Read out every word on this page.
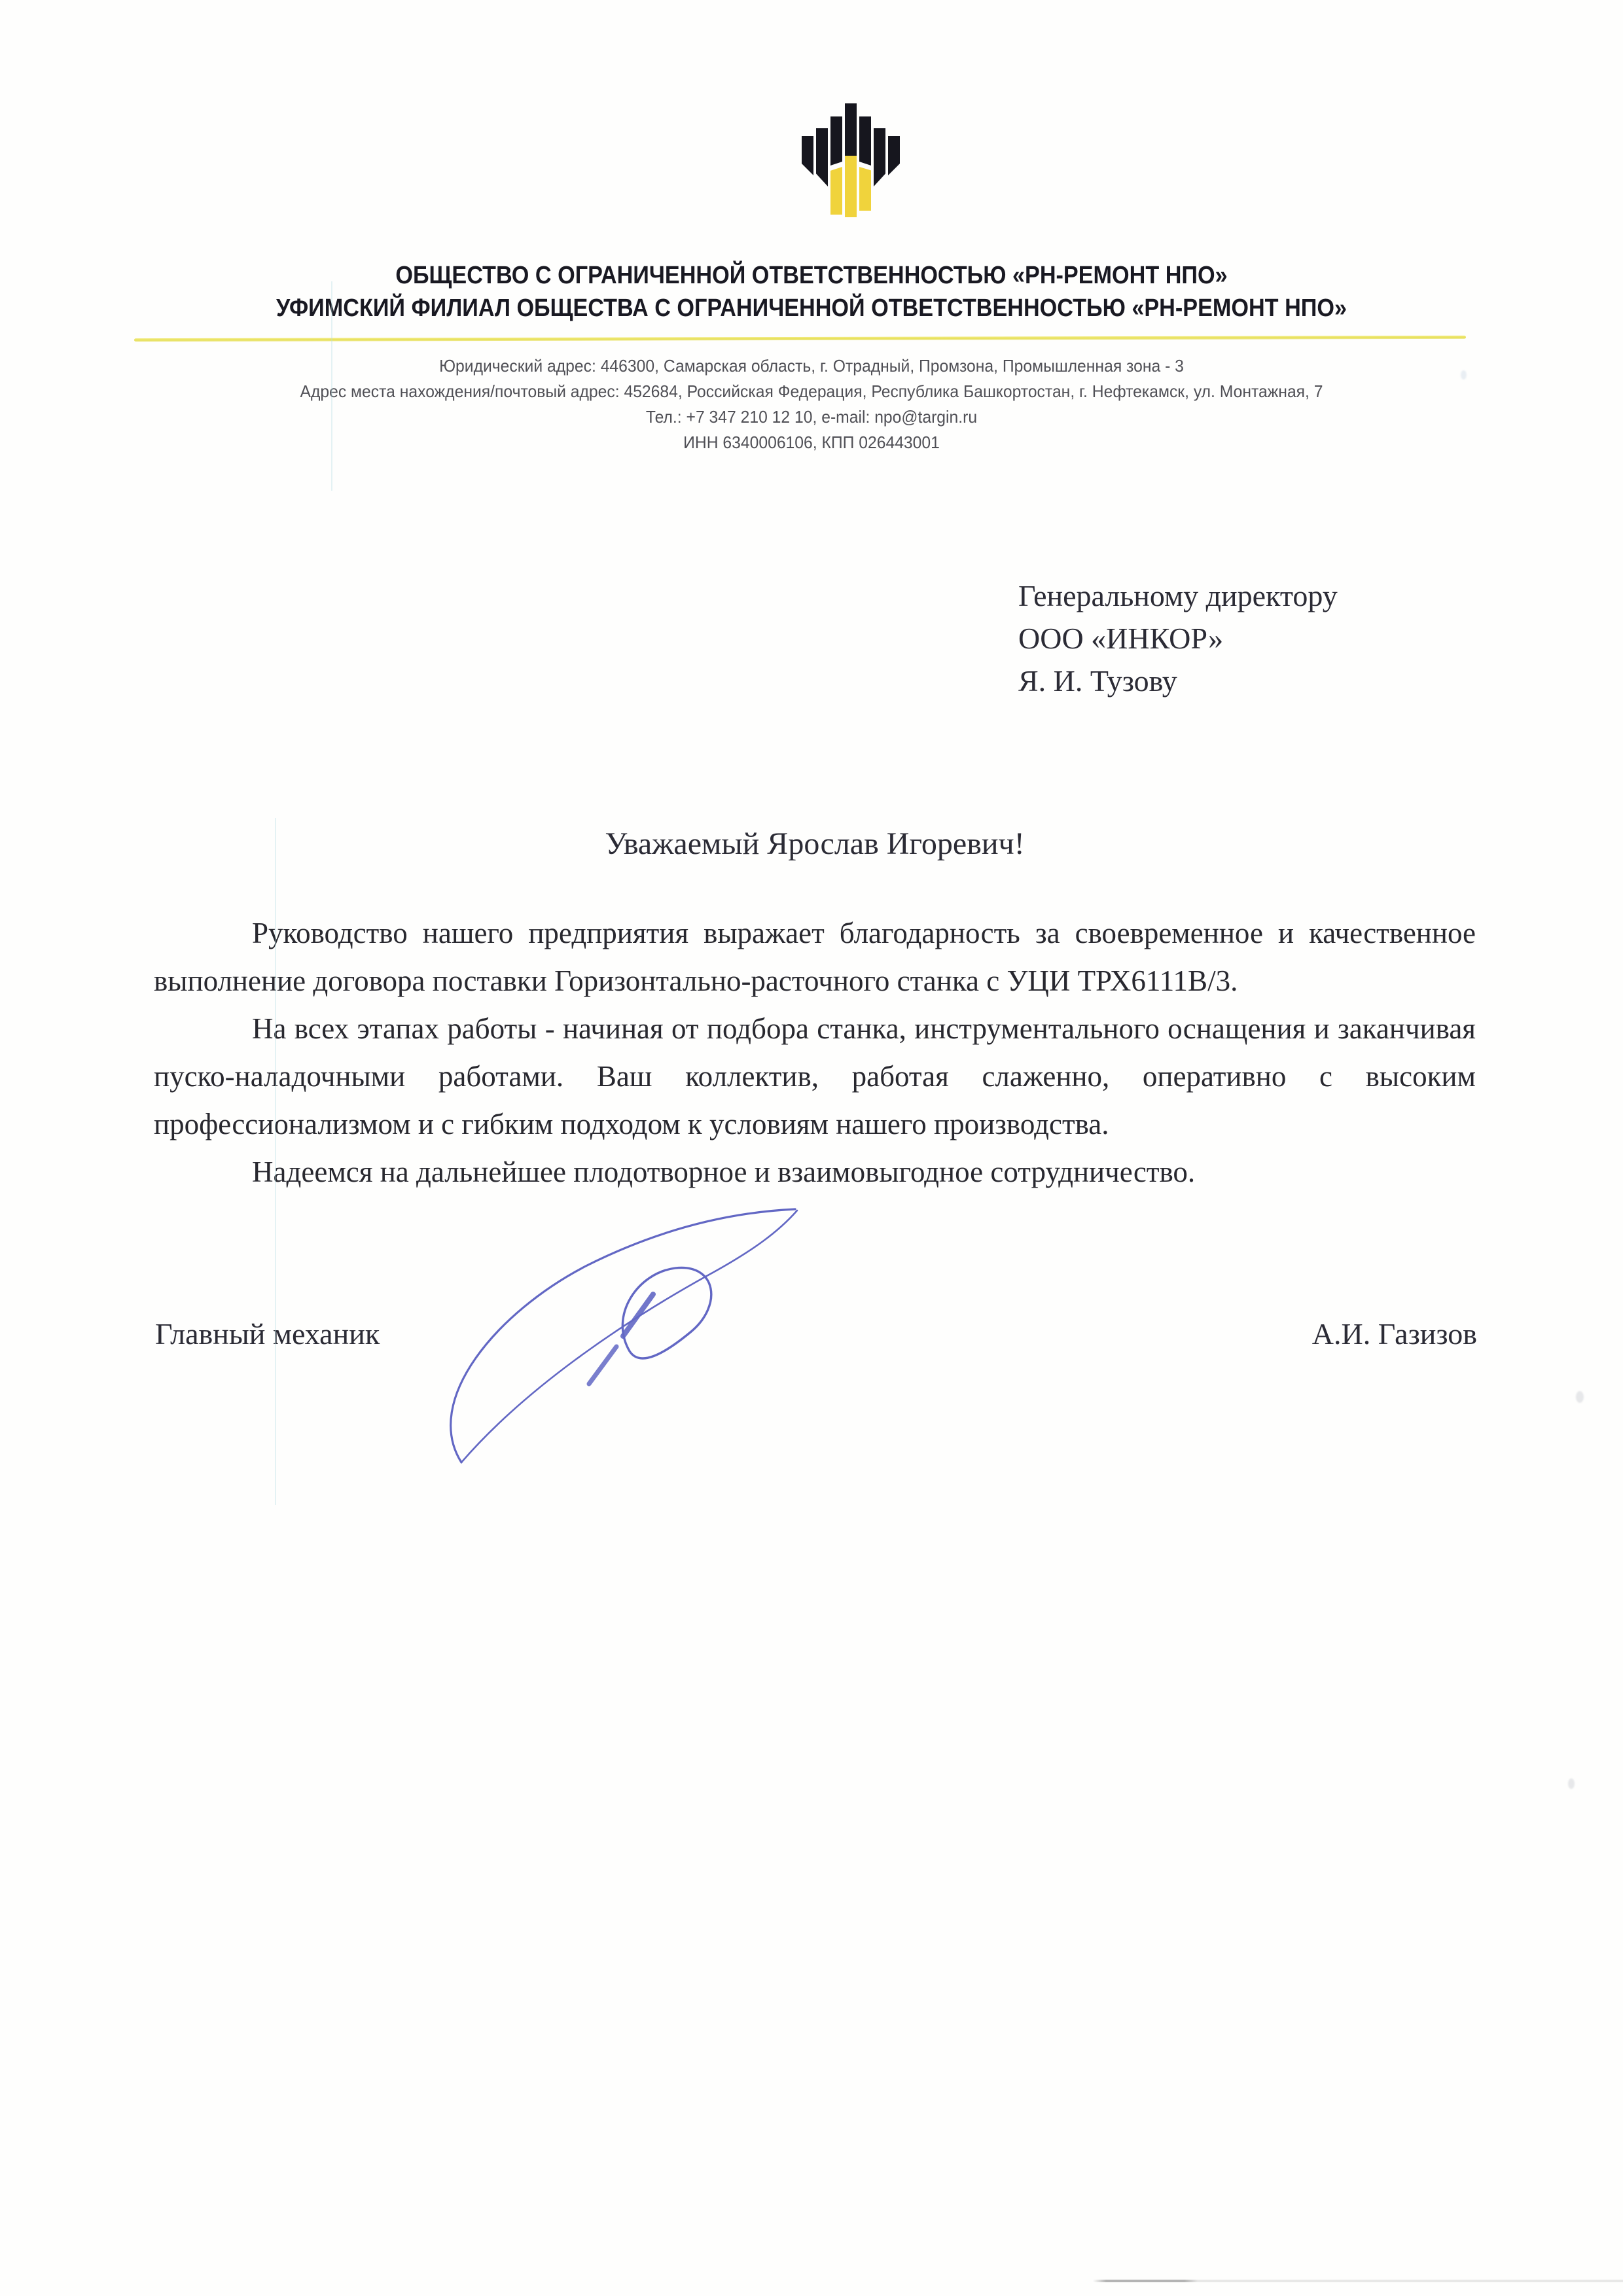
ОБЩЕСТВО С ОГРАНИЧЕННОЙ ОТВЕТСТВЕННОСТЬЮ «РН-РЕМОНТ НПО»
УФИМСКИЙ ФИЛИАЛ ОБЩЕСТВА С ОГРАНИЧЕННОЙ ОТВЕТСТВЕННОСТЬЮ «РН-РЕМОНТ НПО»
Юридический адрес: 446300, Самарская область, г. Отрадный, Промзона, Промышленная зона - 3
Адрес места нахождения/почтовый адрес: 452684, Российская Федерация, Республика Башкортостан, г. Нефтекамск, ул. Монтажная, 7
Тел.: +7 347 210 12 10, e-mail: npo@targin.ru
ИНН 6340006106, КПП 026443001
Генеральному директору
ООО «ИНКОР»
Я. И. Тузову
Уважаемый Ярослав Игоревич!

Руководство нашего предприятия выражает благодарность за своевременное и качественное выполнение договора поставки Горизонтально-расточного станка с УЦИ ТРХ6111В/3.

На всех этапах работы - начиная от подбора станка, инструментального оснащения и заканчивая пуско-наладочными работами. Ваш коллектив, работая слаженно, оперативно с высоким профессионализмом и с гибким подходом к условиям нашего производства.

Надеемся на дальнейшее плодотворное и взаимовыгодное сотрудничество.

Главный механик	А.И. Газизов
